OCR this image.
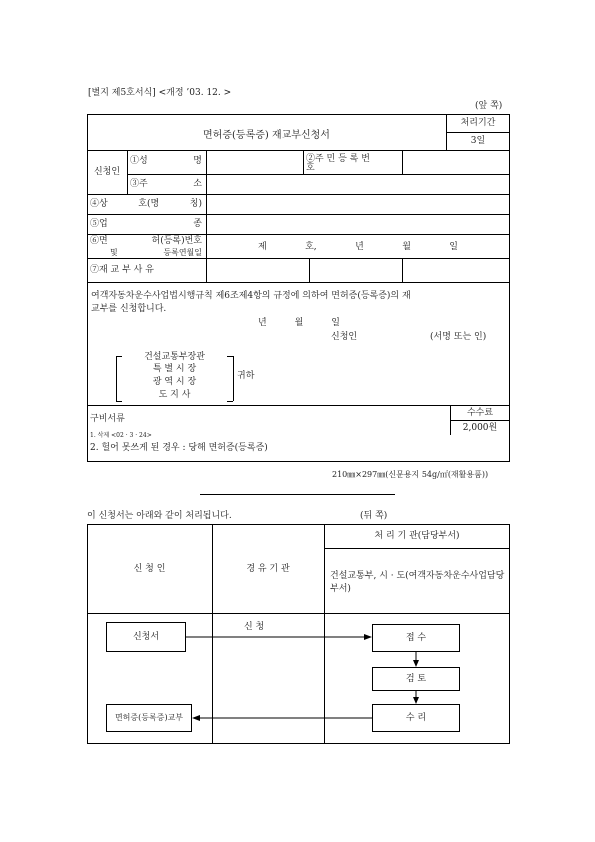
[별지 제5호서식] <개정 ’03. 12. >
(앞 쪽)
면허증(등록증) 재교부신청서
처리기간
3일
신청인
①성	명	②주 민 등 록 번
호
③주	소
④상	호(명	칭)
⑤업	종
⑥면	허(등록)번호
및	등록연월일
제	호,	년	월	일
⑦재 교 부 사 유
여객자동차운수사업법시행규칙 제6조제4항의 규정에 의하여 면허증(등록증)의 재
교부를 신청합니다.
년	월	일
신청인	(서명 또는 인)
건설교통부장관
특 별 시 장
광 역 시 장
도 지 사
귀하
구비서류
수수료
2,000원
1. 삭제 <02 · 3 · 24>
2. 헐어 못쓰게 된 경우 : 당해 면허증(등록증)
210㎜×297㎜(신문용지 54g/㎡(재활용품))
이 신청서는 아래와 같이 처리됩니다.	(뒤 쪽)
신 청 인	경 유 기 관
처 리 기 관(담당부서)
건설교통부, 시 · 도(여객자동차운수사업담당부서)
신청서	접 수
검 토
수 리
면허증(등록증)교부
신 청
